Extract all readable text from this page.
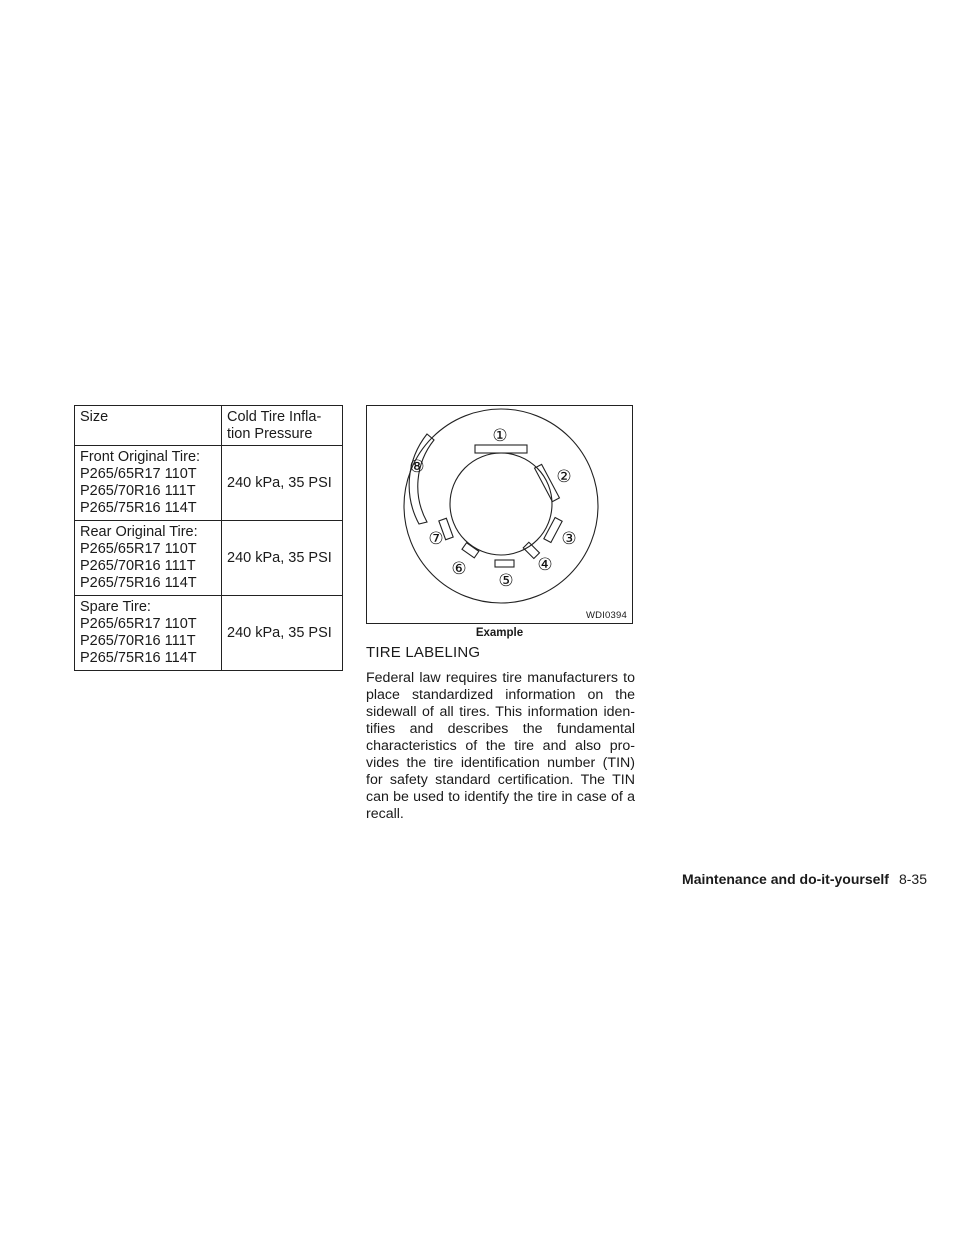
Size	Cold Tire Infla-
tion Pressure

Front Original Tire:
P265/65R17 110T
P265/70R16 111T
P265/75R16 114T	240 kPa, 35 PSI

Rear Original Tire:
P265/65R17 110T
P265/70R16 111T
P265/75R16 114T	240 kPa, 35 PSI

Spare Tire:
P265/65R17 110T
P265/70R16 111T
P265/75R16 114T	240 kPa, 35 PSI
①
②
③
④
⑤
⑥
⑦
⑧
WDI0394
Example
TIRE LABELING
Federal law requires tire manufacturers to place standardized information on the sidewall of all tires. This information iden-tifies and describes the fundamental characteristics of the tire and also pro-vides the tire identification number (TIN) for safety standard certification. The TIN can be used to identify the tire in case of a recall.
Maintenance and do-it-yourself 8-35
